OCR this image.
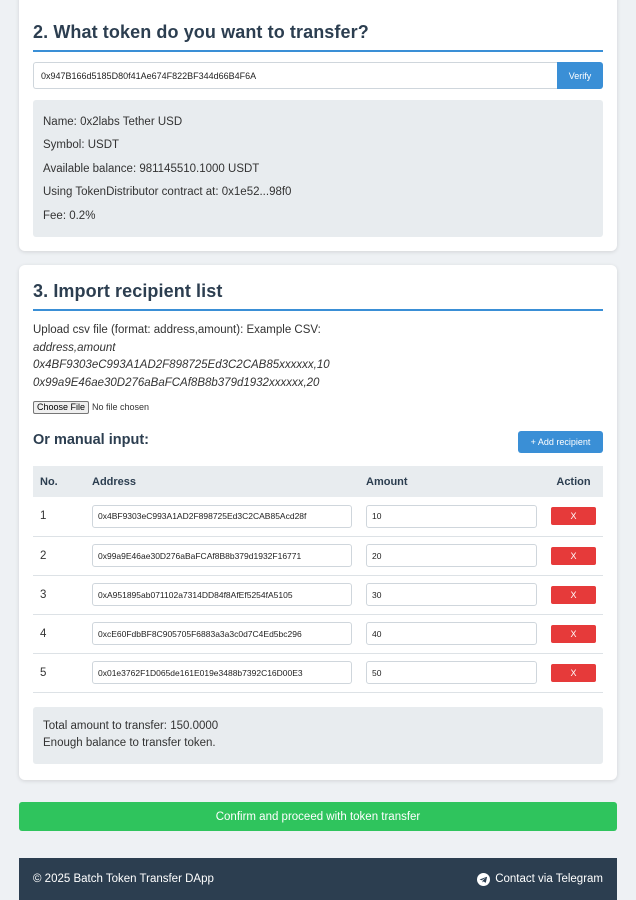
2. What token do you want to transfer?
0x947B166d5185D80f41Ae674F822BF344d66B4F6A
Verify

Name: 0x2labs Tether USD

Symbol: USDT

Available balance: 981145510.1000 USDT

Using TokenDistributor contract at: 0x1e52...98f0

Fee: 0.2%

3. Import recipient list
Upload csv file (format: address,amount): Example CSV:
address,amount
0x4BF9303eC993A1AD2F898725Ed3C2CAB85xxxxxx,10
0x99a9E46ae30D276aBaFCAf8B8b379d1932xxxxxx,20
Choose File No file chosen
Or manual input:	+ Add recipient
No.	Address	Amount	Action
1	0x4BF9303eC993A1AD2F898725Ed3C2CAB85Acd28f	10	X
2	0x99a9E46ae30D276aBaFCAf8B8b379d1932F16771	20	X
3	0xA951895ab071102a7314DD84f8AfEf5254fA5105	30	X
4	0xcE60FdbBF8C905705F6883a3a3c0d7C4Ed5bc296	40	X
5	0x01e3762F1D065de161E019e3488b7392C16D00E3	50	X

Total amount to transfer: 150.0000

Enough balance to transfer token.

Confirm and proceed with token transfer
© 2025 Batch Token Transfer DApp	Contact via Telegram
